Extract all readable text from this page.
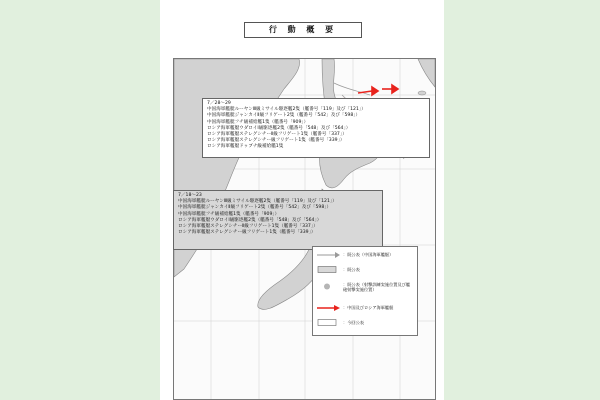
行 動 概 要
7／28～29
中国海軍艦艇ルーヤンⅢ級ミサイル駆逐艦2隻（艦番号「119」及び「121」）
中国海軍艦艇ジャンカイⅡ級フリゲート2隻（艦番号「542」及び「598」）
中国海軍艦艇フチ級補給艦1隻（艦番号「909」）
ロシア海軍艦艇ウダロイⅠ級駆逐艦2隻（艦番号「548」及び「564」）
ロシア海軍艦艇ステレグシチーⅡ級フリゲート1隻（艦番号「337」）
ロシア海軍艦艇ステレグシチー級フリゲート1隻（艦番号「339」）
ロシア海軍艦艇ドゥブナ級補給艦1隻
7／18～23
中国海軍艦艇ルーヤンⅢ級ミサイル駆逐艦2隻（艦番号「119」及び「121」）
中国海軍艦艇ジャンカイⅡ級フリゲート2隻（艦番号「542」及び「598」）
中国海軍艦艇フチ級補給艦1隻（艦番号「909」）
ロシア海軍艦艇ウダロイⅠ級駆逐艦2隻（艦番号「548」及び「564」）
ロシア海軍艦艇ステレグシチーⅡ級フリゲート1隻（艦番号「337」）
ロシア海軍艦艇ステレグシチー級フリゲート1隻（艦番号「339」）
：既公表（中国海軍艦艇）
：既公表
：既公表（射撃訓練実施位置及び艦砲射撃実施位置）
：中国及びロシア海軍艦艇
：今回公表
